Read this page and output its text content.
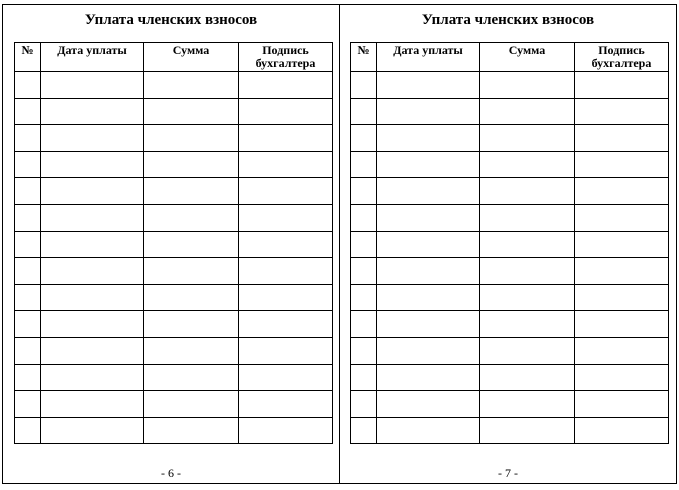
Уплата членских взносов
№	Дата уплаты	Сумма	Подпись бухгалтера

- 6 -
Уплата членских взносов
№	Дата уплаты	Сумма	Подпись бухгалтера

- 7 -
